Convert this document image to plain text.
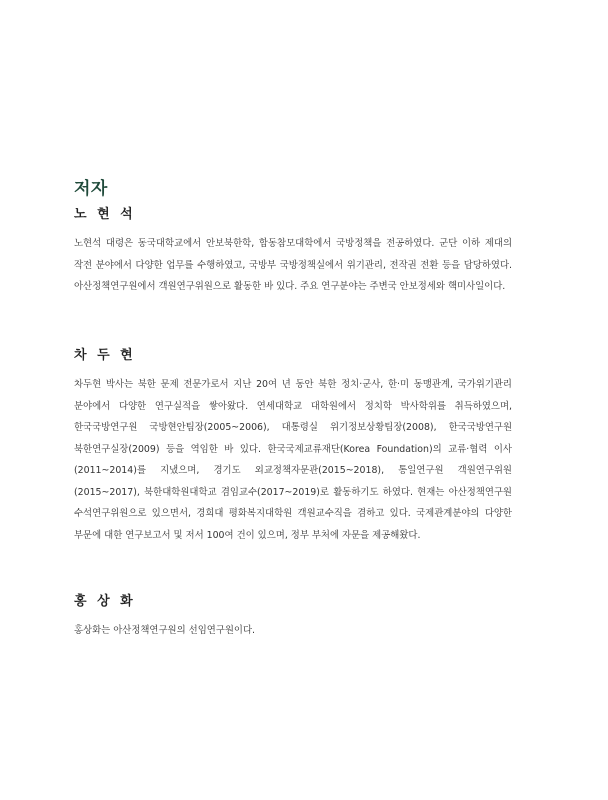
저자
노 현 석

노현석 대령은 동국대학교에서 안보북한학, 합동참모대학에서 국방정책을 전공하였다. 군단 이하 제대의 작전 분야에서 다양한 업무를 수행하였고, 국방부 국방정책실에서 위기관리, 전작권 전환 등을 담당하였다. 아산정책연구원에서 객원연구위원으로 활동한 바 있다. 주요 연구분야는 주변국 안보정세와 핵미사일이다.

차 두 현

차두현 박사는 북한 문제 전문가로서 지난 20여 년 동안 북한 정치·군사, 한·미 동맹관계, 국가위기관리 분야에서 다양한 연구실적을 쌓아왔다. 연세대학교 대학원에서 정치학 박사학위를 취득하였으며, 한국국방연구원 국방현안팀장(2005~2006), 대통령실 위기정보상황팀장(2008), 한국국방연구원 북한연구실장(2009) 등을 역임한 바 있다. 한국국제교류재단(Korea Foundation)의 교류·협력 이사(2011~2014)를 지냈으며, 경기도 외교정책자문관(2015~2018), 통일연구원 객원연구위원(2015~2017), 북한대학원대학교 겸임교수(2017~2019)로 활동하기도 하였다. 현재는 아산정책연구원 수석연구위원으로 있으면서, 경희대 평화복지대학원 객원교수직을 겸하고 있다. 국제관계분야의 다양한 부문에 대한 연구보고서 및 저서 100여 건이 있으며, 정부 부처에 자문을 제공해왔다.

홍 상 화

홍상화는 아산정책연구원의 선임연구원이다.
